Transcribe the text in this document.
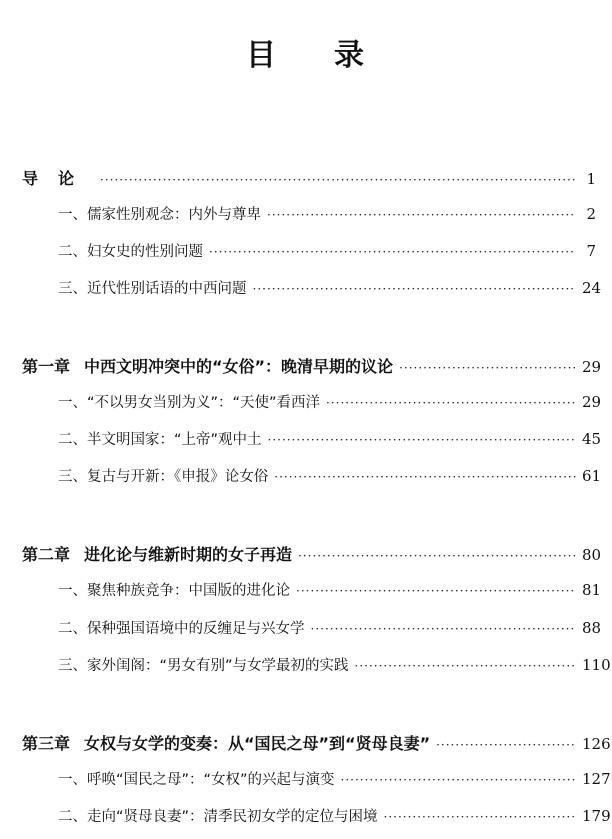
目 录
导论 ·····	1
一、儒家性别观念：内外与尊卑 ·····	2
二、妇女史的性别问题 ·····	7
三、近代性别话语的中西问题 ·····	24
第一章 中西文明冲突中的“女俗”：晚清早期的议论 ·····	29
一、“不以男女当别为义”：“天使”看西洋 ·····	29
二、半文明国家：“上帝”观中土 ·····	45
三、复古与开新：《申报》论女俗 ·····	61
第二章 进化论与维新时期的女子再造 ·····	80
一、聚焦种族竞争：中国版的进化论 ·····	81
二、保种强国语境中的反缠足与兴女学 ·····	88
三、家外闺阁：“男女有别”与女学最初的实践 ·····	110
第三章 女权与女学的变奏：从“国民之母”到“贤母良妻” ·····	126
一、呼唤“国民之母”：“女权”的兴起与演变 ·····	127
二、走向“贤母良妻”：清季民初女学的定位与困境 ·····	179
